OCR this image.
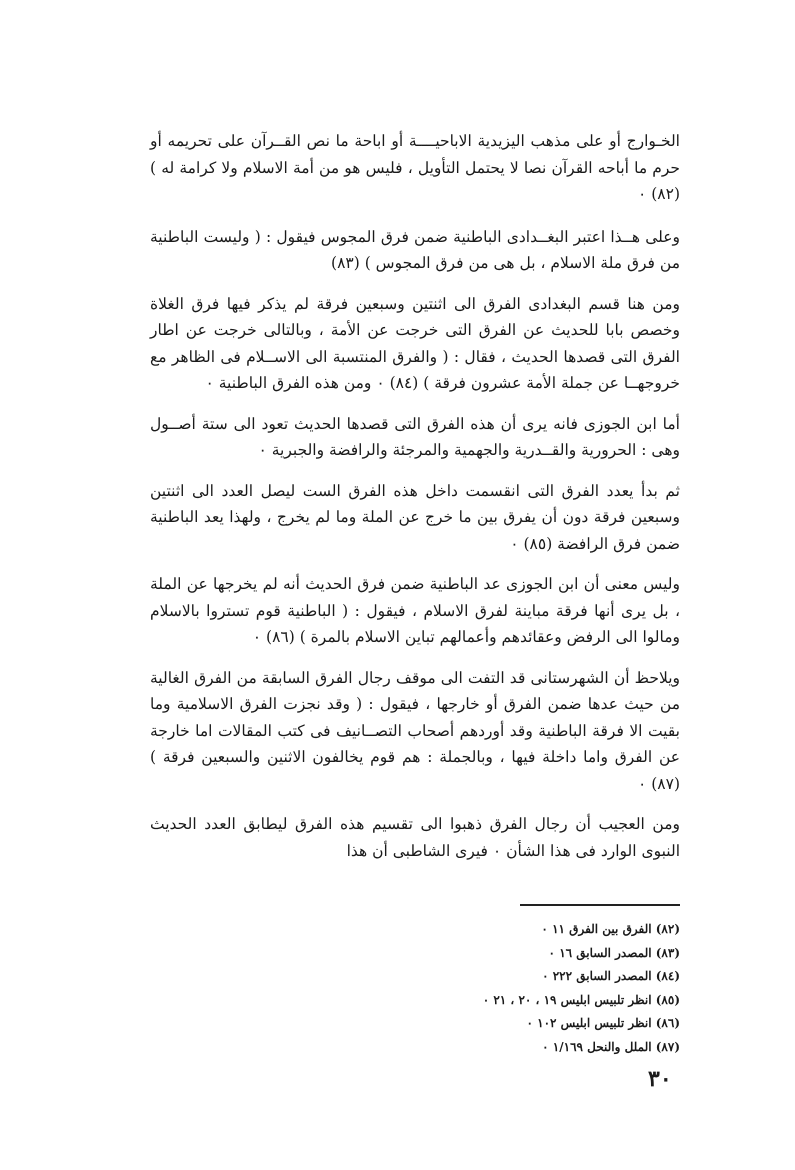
الخـوارج أو على مذهب اليزيدية الاباحيــــة أو اباحة ما نص القــرآن على تحريمه أو حرم ما أباحه القرآن نصا لا يحتمل التأويل ، فليس هو من أمة الاسلام ولا كرامة له ) (٨٢) ٠

وعلى هــذا اعتبر البغــدادى الباطنية ضمن فرق المجوس فيقول : ( وليست الباطنية من فرق ملة الاسلام ، بل هى من فرق المجوس ) (٨٣)

ومن هنا قسم البغدادى الفرق الى اثنتين وسبعين فرقة لم يذكر فيها فرق الغلاة وخصص بابا للحديث عن الفرق التى خرجت عن الأمة ، وبالتالى خرجت عن اطار الفرق التى قصدها الحديث ، فقال : ( والفرق المنتسبة الى الاســلام فى الظاهر مع خروجهــا عن جملة الأمة عشرون فرقة ) (٨٤) ٠ ومن هذه الفرق الباطنية ٠

أما ابن الجوزى فانه يرى أن هذه الفرق التى قصدها الحديث تعود الى ستة أصــول وهى : الحرورية والقــدرية والجهمية والمرجئة والرافضة والجبرية ٠

ثم بدأ يعدد الفرق التى انقسمت داخل هذه الفرق الست ليصل العدد الى اثنتين وسبعين فرقة دون أن يفرق بين ما خرج عن الملة وما لم يخرج ، ولهذا يعد الباطنية ضمن فرق الرافضة (٨٥) ٠

وليس معنى أن ابن الجوزى عد الباطنية ضمن فرق الحديث أنه لم يخرجها عن الملة ، بل يرى أنها فرقة مباينة لفرق الاسلام ، فيقول : ( الباطنية قوم تستروا بالاسلام ومالوا الى الرفض وعقائدهم وأعمالهم تباين الاسلام بالمرة ) (٨٦) ٠

ويلاحظ أن الشهرستانى قد التفت الى موقف رجال الفرق السابقة من الفرق الغالية من حيث عدها ضمن الفرق أو خارجها ، فيقول : ( وقد نجزت الفرق الاسلامية وما بقيت الا فرقة الباطنية وقد أوردهم أصحاب التصــانيف فى كتب المقالات اما خارجة عن الفرق واما داخلة فيها ، وبالجملة : هم قوم يخالفون الاثنين والسبعين فرقة ) (٨٧) ٠

ومن العجيب أن رجال الفرق ذهبوا الى تقسيم هذه الفرق ليطابق العدد الحديث النبوى الوارد فى هذا الشأن ٠ فيرى الشاطبى أن هذا

(٨٢) الفرق بين الفرق ١١ ٠
(٨٣) المصدر السابق ١٦ ٠
(٨٤) المصدر السابق ٢٢٢ ٠
(٨٥) انظر تلبيس ابليس ١٩ ، ٢٠ ، ٢١ ٠
(٨٦) انظر تلبيس ابليس ١٠٢ ٠
(٨٧) الملل والنحل ١/١٦٩ ٠
٣٠
